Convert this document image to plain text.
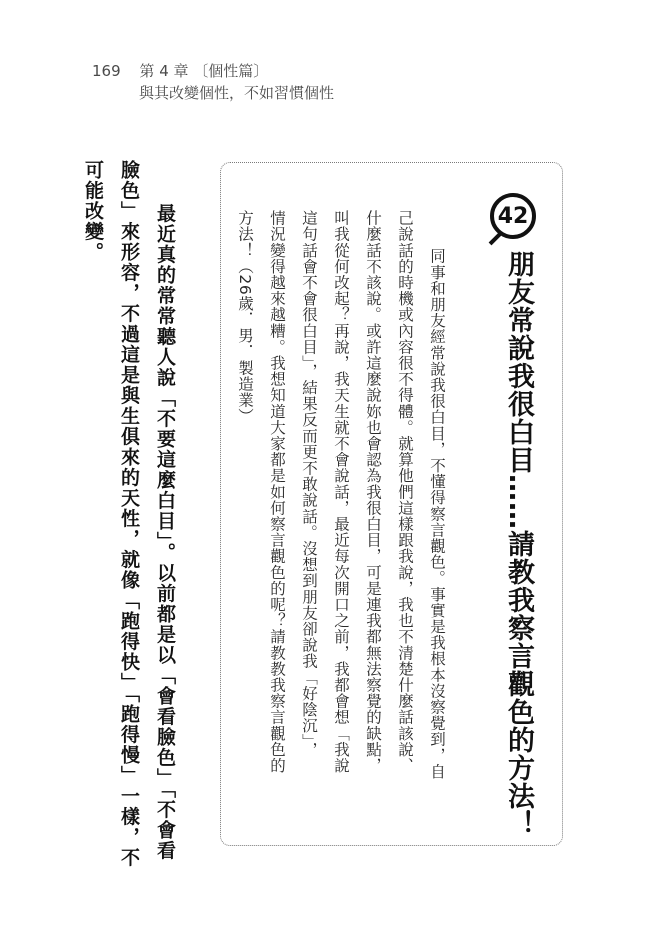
169 第 4 章 〔個性篇〕
與其改變個性，不如習慣個性
42
朋友常說我很白目……請教我察言觀色的方法！
　同事和朋友經常說我很白目，不懂得察言觀色。事實是我根本沒察覺到，自
己說話的時機或內容很不得體。就算他們這樣跟我說，我也不清楚什麼話該說、
什麼話不該說。或許這麼說妳也會認為我很白目，可是連我都無法察覺的缺點，
叫我從何改起？再說，我天生就不會說話，最近每次開口之前，我都會想「我說
這句話會不會很白目」，結果反而更不敢說話。沒想到朋友卻說我「好陰沉」，
情況變得越來越糟。我想知道大家都是如何察言觀色的呢？請教教我察言觀色的
方法！（26歲．男．製造業）
　最近真的常常聽人說「不要這麼白目」。以前都是以「會看臉色」「不會看
臉色」來形容，不過這是與生俱來的天性，就像「跑得快」「跑得慢」一樣，不
可能改變。
